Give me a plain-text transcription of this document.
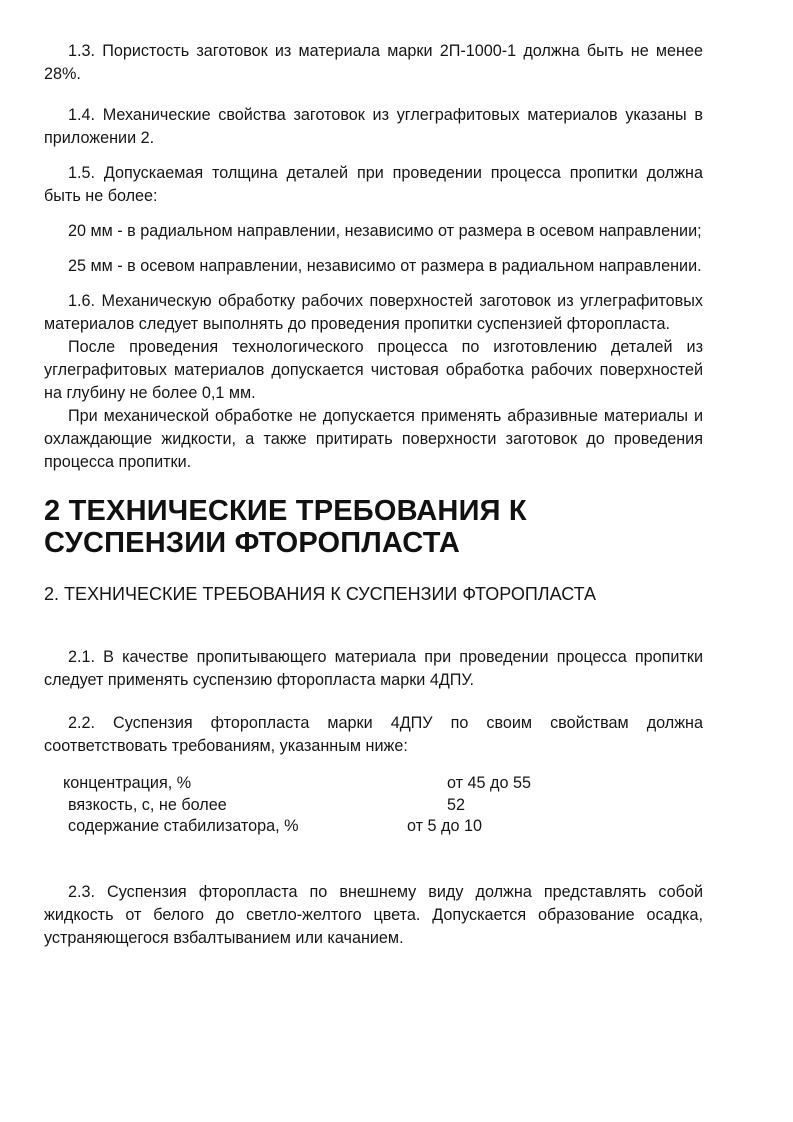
1.3. Пористость заготовок из материала марки 2П-1000-1 должна быть не менее 28%.

1.4. Механические свойства заготовок из углеграфитовых материалов указаны в приложении 2.

1.5. Допускаемая толщина деталей при проведении процесса пропитки должна быть не более:

20 мм - в радиальном направлении, независимо от размера в осевом направлении;

25 мм - в осевом направлении, независимо от размера в радиальном направлении.

1.6. Механическую обработку рабочих поверхностей заготовок из углеграфитовых материалов следует выполнять до проведения пропитки суспензией фторопласта.

После проведения технологического процесса по изготовлению деталей из углеграфитовых материалов допускается чистовая обработка рабочих поверхностей на глубину не более 0,1 мм.

При механической обработке не допускается применять абразивные материалы и охлаждающие жидкости, а также притирать поверхности заготовок до проведения процесса пропитки.

2 ТЕХНИЧЕСКИЕ ТРЕБОВАНИЯ К СУСПЕНЗИИ ФТОРОПЛАСТА
2. ТЕХНИЧЕСКИЕ ТРЕБОВАНИЯ К СУСПЕНЗИИ ФТОРОПЛАСТА

2.1. В качестве пропитывающего материала при проведении процесса пропитки следует применять суспензию фторопласта марки 4ДПУ.

2.2. Суспензия фторопласта марки 4ДПУ по своим свойствам должна соответствовать требованиям, указанным ниже:

концентрация, %	от 45 до 55
вязкость, с, не более	52
содержание стабилизатора, %	от 5 до 10

2.3. Суспензия фторопласта по внешнему виду должна представлять собой жидкость от белого до светло-желтого цвета. Допускается образование осадка, устраняющегося взбалтыванием или качанием.
